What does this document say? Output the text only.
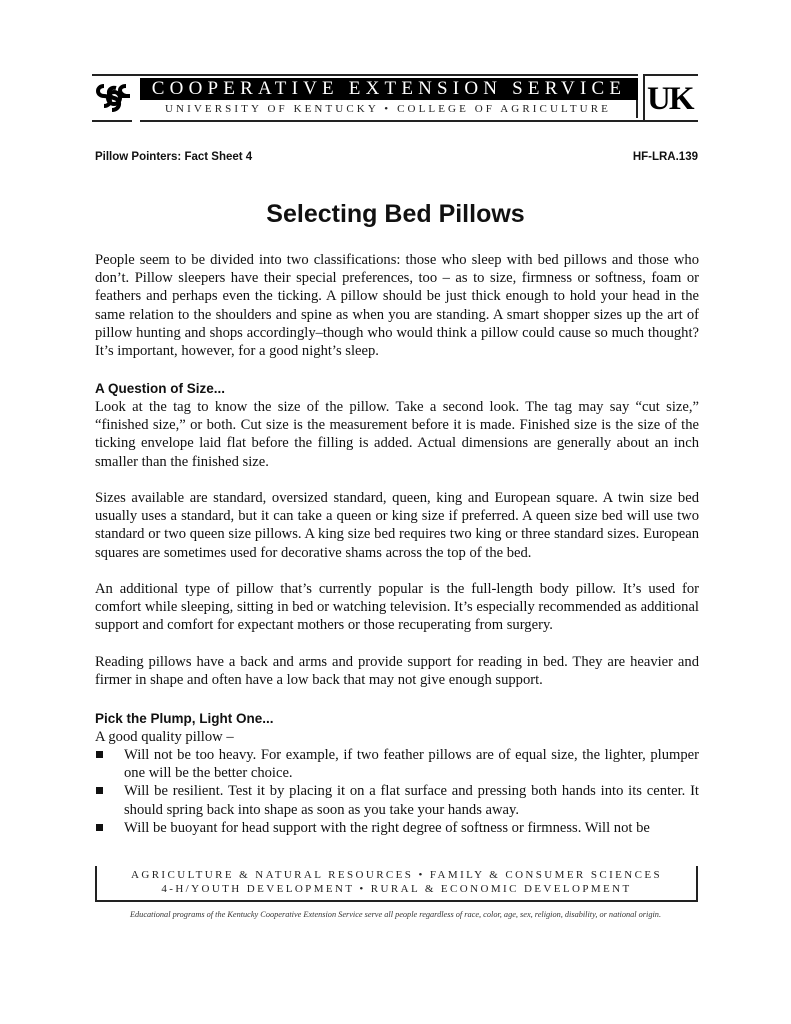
COOPERATIVE EXTENSION SERVICE
UNIVERSITY OF KENTUCKY • COLLEGE OF AGRICULTURE	UK
Pillow Pointers: Fact Sheet 4	HF-LRA.139
Selecting Bed Pillows

People seem to be divided into two classifications: those who sleep with bed pillows and those who don’t. Pillow sleepers have their special preferences, too – as to size, firmness or softness, foam or feathers and perhaps even the ticking. A pillow should be just thick enough to hold your head in the same relation to the shoulders and spine as when you are standing. A smart shopper sizes up the art of pillow hunting and shops accordingly–though who would think a pillow could cause so much thought? It’s important, however, for a good night’s sleep.

A Question of Size...

Look at the tag to know the size of the pillow. Take a second look. The tag may say “cut size,” “finished size,” or both. Cut size is the measurement before it is made. Finished size is the size of the ticking envelope laid flat before the filling is added. Actual dimensions are generally about an inch smaller than the finished size.

Sizes available are standard, oversized standard, queen, king and European square. A twin size bed usually uses a standard, but it can take a queen or king size if preferred. A queen size bed will use two standard or two queen size pillows. A king size bed requires two king or three standard sizes. European squares are sometimes used for decorative shams across the top of the bed.

An additional type of pillow that’s currently popular is the full-length body pillow. It’s used for comfort while sleeping, sitting in bed or watching television. It’s especially recommended as additional support and comfort for expectant mothers or those recuperating from surgery.

Reading pillows have a back and arms and provide support for reading in bed. They are heavier and firmer in shape and often have a low back that may not give enough support.

Pick the Plump, Light One...

A good quality pillow –

Will not be too heavy. For example, if two feather pillows are of equal size, the lighter, plumper one will be the better choice.
Will be resilient. Test it by placing it on a flat surface and pressing both hands into its center. It should spring back into shape as soon as you take your hands away.
Will be buoyant for head support with the right degree of softness or firmness. Will not be
AGRICULTURE & NATURAL RESOURCES • FAMILY & CONSUMER SCIENCES
4-H/YOUTH DEVELOPMENT • RURAL & ECONOMIC DEVELOPMENT
Educational programs of the Kentucky Cooperative Extension Service serve all people regardless of race, color, age, sex, religion, disability, or national origin.
